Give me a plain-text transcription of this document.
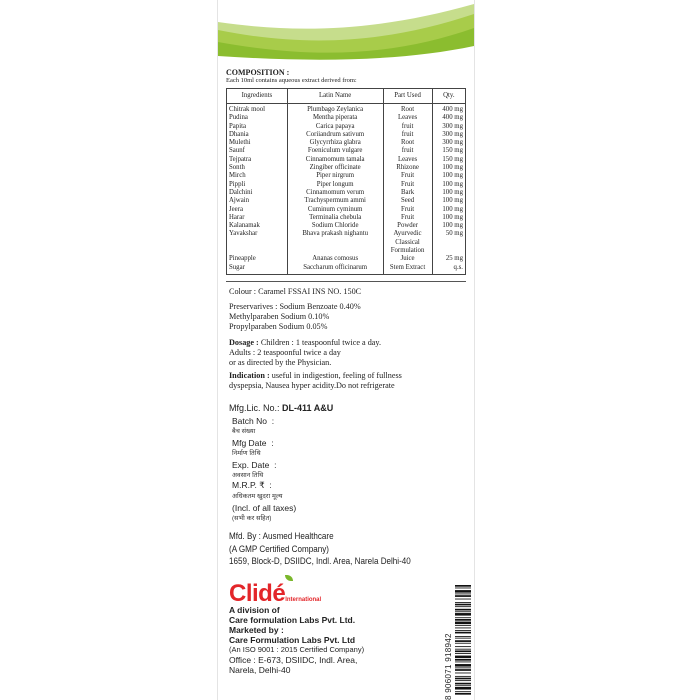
COMPOSITION :
Each 10ml contains aqueous extract derived from:
Ingredients	Latin Name	Part Used	Qty.
Chitrak mool	Plumbago Zeylanica	Root	400 mg
Pudina	Mentha piperata	Leaves	400 mg
Papita	Carica papaya	fruit	300 mg
Dhania	Coriiandrum sativum	fruit	300 mg
Mulethi	Glycyrrhiza glabra	Root	300 mg
Saunf	Foeniculum vulgare	fruit	150 mg
Tejpatra	Cinnamomum tamala	Leaves	150 mg
Sonth	Zingiber officinate	Rhizone	100 mg
Mirch	Piper nirgrum	Fruit	100 mg
Pippli	Piper longum	Fruit	100 mg
Dalchini	Cinnamomum verum	Bark	100 mg
Ajwain	Trachyspermum ammi	Seed	100 mg
Jeera	Cuminum cyminum	Fruit	100 mg
Harar	Terminalia chebula	Fruit	100 mg
Kalanamak	Sodium Chloride	Powder	100 mg
Yavakshar	Bhava prakash nighantu	Ayurvedic	50 mg
		Classical	
		Formulation	
Pineapple	Ananas comosus	Juice	25 mg
Sugar	Saccharum officinarum	Stem Extract	q.s.
Colour : Caramel FSSAI INS NO. 150C
Preservarives : Sodium Benzoate 0.40%
Methylparaben Sodium 0.10%
Propylparaben Sodium 0.05%
Dosage : Children : 1 teaspoonful twice a day.
Adults : 2 teaspoonful twice a day
or as directed by the Physician.
Indication : useful in indigestion, feeling of fullness
dyspepsia, Nausea hyper acidity.Do not refrigerate
Mfg.Lic. No.: DL-411 A&U
Batch No :
बैच संख्या
Mfg Date :
निर्माण तिथि
Exp. Date :
अवसान तिथि
M.R.P. ₹ :
अधिकतम खुदरा मूल्य
(Incl. of all taxes)
(सभी कर सहित)
Mfd. By : Ausmed Healthcare
(A GMP Certified Company)
1659, Block-D, DSIIDC, Indl. Area, Narela Delhi-40
ClidéInternational
A division of
Care formulation Labs Pvt. Ltd.
Marketed by :
Care Formulation Labs Pvt. Ltd
(An ISO 9001 : 2015 Certified Company)
Office : E-673, DSIIDC, Indl. Area,
Narela, Delhi-40	8 906071 918942
